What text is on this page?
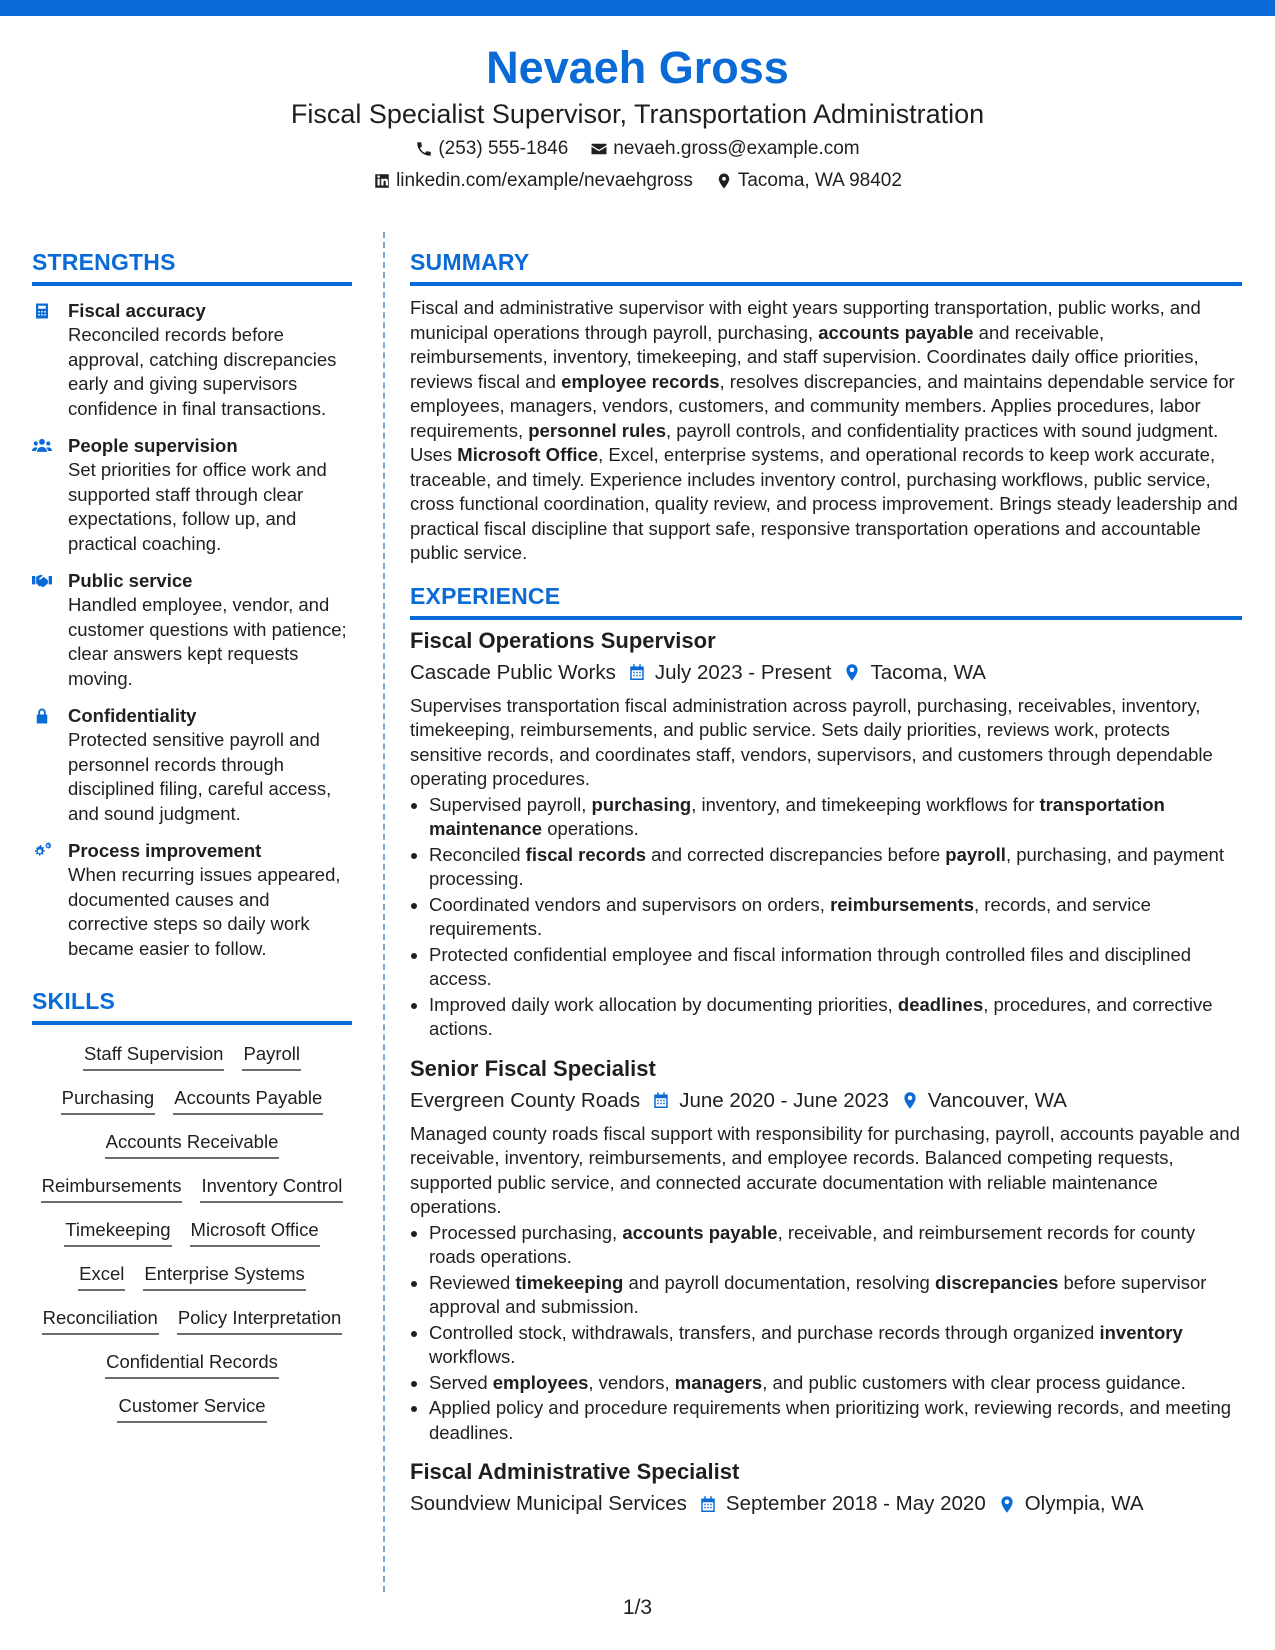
Nevaeh Gross
Fiscal Specialist Supervisor, Transportation Administration
(253) 555-1846 nevaeh.gross@example.com
linkedin.com/example/nevaehgross Tacoma, WA 98402
STRENGTHS
Fiscal accuracy
Reconciled records before approval, catching discrepancies early and giving supervisors confidence in final transactions.
People supervision
Set priorities for office work and supported staff through clear expectations, follow up, and practical coaching.
Public service
Handled employee, vendor, and customer questions with patience; clear answers kept requests moving.
Confidentiality
Protected sensitive payroll and personnel records through disciplined filing, careful access, and sound judgment.
Process improvement
When recurring issues appeared, documented causes and corrective steps so daily work became easier to follow.
SKILLS
Staff Supervision Payroll
Purchasing Accounts Payable
Accounts Receivable
Reimbursements Inventory Control
Timekeeping Microsoft Office
Excel Enterprise Systems
Reconciliation Policy Interpretation
Confidential Records
Customer Service
SUMMARY
Fiscal and administrative supervisor with eight years supporting transportation, public works, and municipal operations through payroll, purchasing, accounts payable and receivable, reimbursements, inventory, timekeeping, and staff supervision. Coordinates daily office priorities, reviews fiscal and employee records, resolves discrepancies, and maintains dependable service for employees, managers, vendors, customers, and community members. Applies procedures, labor requirements, personnel rules, payroll controls, and confidentiality practices with sound judgment. Uses Microsoft Office, Excel, enterprise systems, and operational records to keep work accurate, traceable, and timely. Experience includes inventory control, purchasing workflows, public service, cross functional coordination, quality review, and process improvement. Brings steady leadership and practical fiscal discipline that support safe, responsive transportation operations and accountable public service.
EXPERIENCE
Fiscal Operations Supervisor
Cascade Public Works July 2023 - Present Tacoma, WA
Supervises transportation fiscal administration across payroll, purchasing, receivables, inventory, timekeeping, reimbursements, and public service. Sets daily priorities, reviews work, protects sensitive records, and coordinates staff, vendors, supervisors, and customers through dependable operating procedures.
• Supervised payroll, purchasing, inventory, and timekeeping workflows for transportation maintenance operations.
• Reconciled fiscal records and corrected discrepancies before payroll, purchasing, and payment processing.
• Coordinated vendors and supervisors on orders, reimbursements, records, and service requirements.
• Protected confidential employee and fiscal information through controlled files and disciplined access.
• Improved daily work allocation by documenting priorities, deadlines, procedures, and corrective actions.
Senior Fiscal Specialist
Evergreen County Roads June 2020 - June 2023 Vancouver, WA
Managed county roads fiscal support with responsibility for purchasing, payroll, accounts payable and receivable, inventory, reimbursements, and employee records. Balanced competing requests, supported public service, and connected accurate documentation with reliable maintenance operations.
• Processed purchasing, accounts payable, receivable, and reimbursement records for county roads operations.
• Reviewed timekeeping and payroll documentation, resolving discrepancies before supervisor approval and submission.
• Controlled stock, withdrawals, transfers, and purchase records through organized inventory workflows.
• Served employees, vendors, managers, and public customers with clear process guidance.
• Applied policy and procedure requirements when prioritizing work, reviewing records, and meeting deadlines.
Fiscal Administrative Specialist
Soundview Municipal Services September 2018 - May 2020 Olympia, WA
1/3
